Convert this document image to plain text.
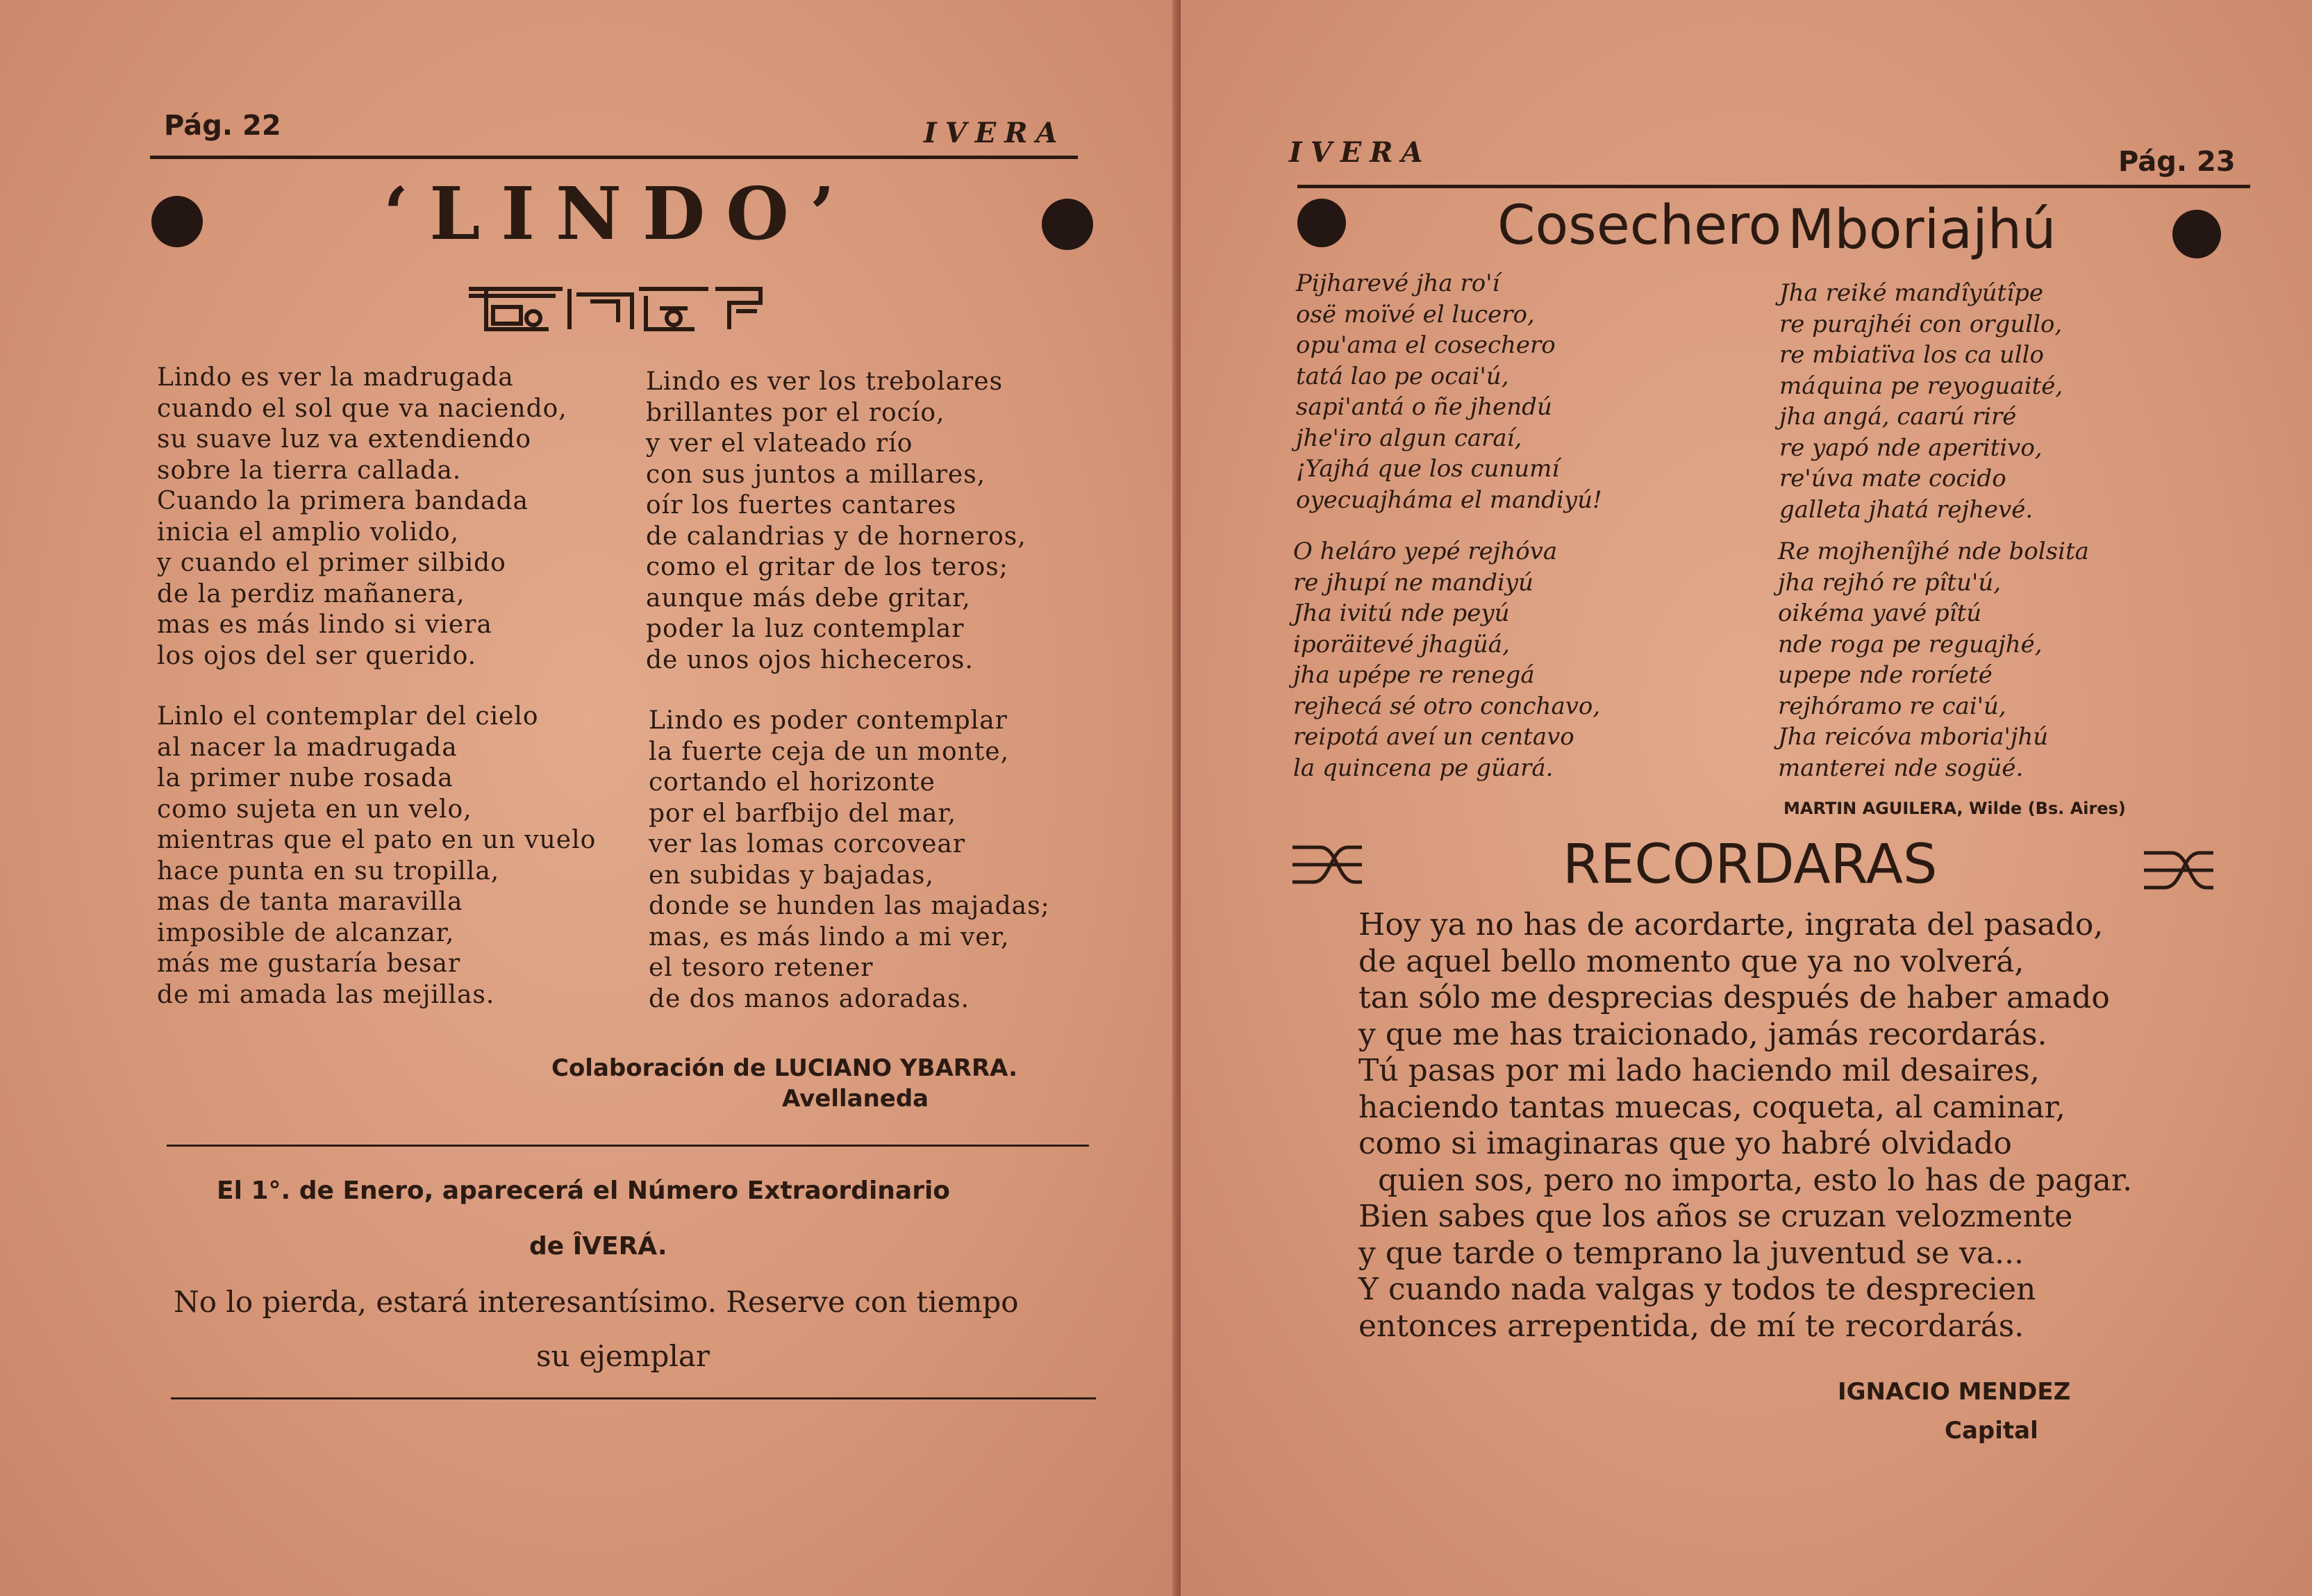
Pág. 22	IVERA
‘LINDO’
Lindo es ver la madrugada
cuando el sol que va naciendo,
su suave luz va extendiendo
sobre la tierra callada.
Cuando la primera bandada
inicia el amplio volido,
y cuando el primer silbido
de la perdiz mañanera,
mas es más lindo si viera
los ojos del ser querido.
Linlo el contemplar del cielo
al nacer la madrugada
la primer nube rosada
como sujeta en un velo,
mientras que el pato en un vuelo
hace punta en su tropilla,
mas de tanta maravilla
imposible de alcanzar,
más me gustaría besar
de mi amada las mejillas.
Lindo es ver los trebolares
brillantes por el rocío,
y ver el vlateado río
con sus juntos a millares,
oír los fuertes cantares
de calandrias y de horneros,
como el gritar de los teros;
aunque más debe gritar,
poder la luz contemplar
de unos ojos hicheceros.
Lindo es poder contemplar
la fuerte ceja de un monte,
cortando el horizonte
por el barfbijo del mar,
ver las lomas corcovear
en subidas y bajadas,
donde se hunden las majadas;
mas, es más lindo a mi ver,
el tesoro retener
de dos manos adoradas.
Colaboración de LUCIANO YBARRA.
Avellaneda
El 1°. de Enero, aparecerá el Número Extraordinario
de ÎVERÁ.
No lo pierda, estará interesantísimo. Reserve con tiempo
su ejemplar
IVERA	Pág. 23
Cosechero Mboriajhú
Pijharevé jha ro'í
osë moïvé el lucero,
opu'ama el cosechero
tatá lao pe ocai'ú,
sapi'antá o ñe jhendú
jhe'iro algun caraí,
¡Yajhá que los cunumí
oyecuajháma el mandiyú!
O heláro yepé rejhóva
re jhupí ne mandiyú
Jha ivitú nde peyú
iporäitevé jhagüá,
jha upépe re renegá
rejhecá sé otro conchavo,
reipotá aveí un centavo
la quincena pe güará.
Jha reiké mandîyútîpe
re purajhéi con orgullo,
re mbiatïva los ca ullo
máquina pe reyoguaité,
jha angá, caarú riré
re yapó nde aperitivo,
re'úva mate cocido
galleta jhatá rejhevé.
Re mojhenîjhé nde bolsita
jha rejhó re pîtu'ú,
oikéma yavé pîtú
nde roga pe reguajhé,
upepe nde roríeté
rejhóramo re cai'ú,
Jha reicóva mboria'jhú
manterei nde sogüé.
MARTIN AGUILERA, Wilde (Bs. Aires)
RECORDARAS
Hoy ya no has de acordarte, ingrata del pasado,
de aquel bello momento que ya no volverá,
tan sólo me desprecias después de haber amado
y que me has traicionado, jamás recordarás.
Tú pasas por mi lado haciendo mil desaires,
haciendo tantas muecas, coqueta, al caminar,
como si imaginaras que yo habré olvidado
quien sos, pero no importa, esto lo has de pagar.
Bien sabes que los años se cruzan velozmente
y que tarde o temprano la juventud se va...
Y cuando nada valgas y todos te desprecien
entonces arrepentida, de mí te recordarás.
IGNACIO MENDEZ
Capital
